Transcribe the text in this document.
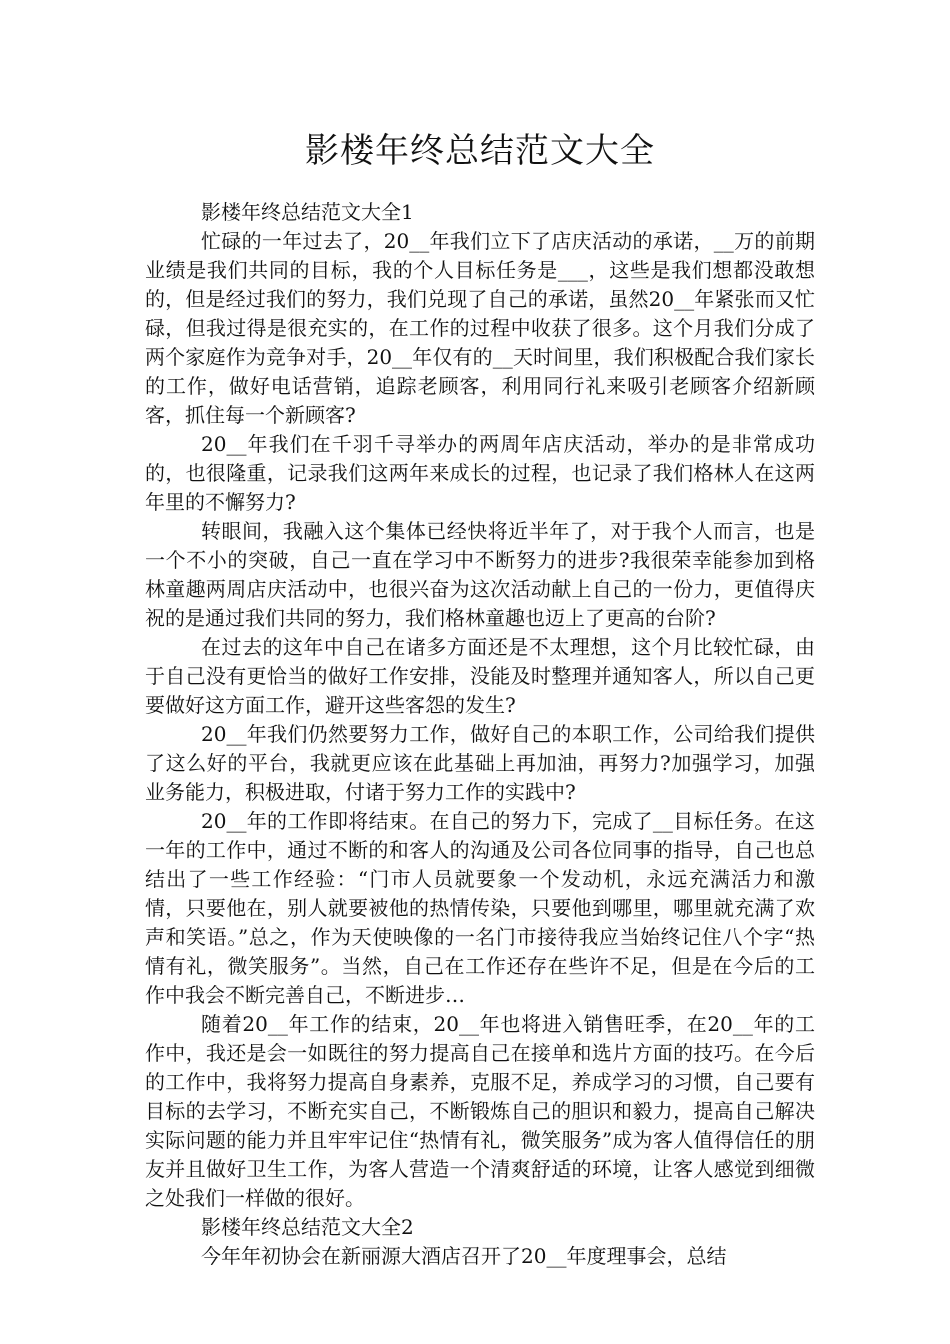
影楼年终总结范文大全

影楼年终总结范文大全1

忙碌的一年过去了，20__年我们立下了店庆活动的承诺，__万的前期业绩是我们共同的目标，我的个人目标任务是___，这些是我们想都没敢想的，但是经过我们的努力，我们兑现了自己的承诺，虽然20__年紧张而又忙碌，但我过得是很充实的，在工作的过程中收获了很多。这个月我们分成了两个家庭作为竞争对手，20__年仅有的__天时间里，我们积极配合我们家长的工作，做好电话营销，追踪老顾客，利用同行礼来吸引老顾客介绍新顾客，抓住每一个新顾客?

20__年我们在千羽千寻举办的两周年店庆活动，举办的是非常成功的，也很隆重，记录我们这两年来成长的过程，也记录了我们格林人在这两年里的不懈努力?

转眼间，我融入这个集体已经快将近半年了，对于我个人而言，也是一个不小的突破，自己一直在学习中不断努力的进步?我很荣幸能参加到格林童趣两周店庆活动中，也很兴奋为这次活动献上自己的一份力，更值得庆祝的是通过我们共同的努力，我们格林童趣也迈上了更高的台阶?

在过去的这年中自己在诸多方面还是不太理想，这个月比较忙碌，由于自己没有更恰当的做好工作安排，没能及时整理并通知客人，所以自己更要做好这方面工作，避开这些客怨的发生?

20__年我们仍然要努力工作，做好自己的本职工作，公司给我们提供了这么好的平台，我就更应该在此基础上再加油，再努力?加强学习，加强业务能力，积极进取，付诸于努力工作的实践中?

20__年的工作即将结束。在自己的努力下，完成了__目标任务。在这一年的工作中，通过不断的和客人的沟通及公司各位同事的指导，自己也总结出了一些工作经验：“门市人员就要象一个发动机，永远充满活力和激情，只要他在，别人就要被他的热情传染，只要他到哪里，哪里就充满了欢声和笑语。”总之，作为天使映像的一名门市接待我应当始终记住八个字“热情有礼，微笑服务”。当然，自己在工作还存在些许不足，但是在今后的工作中我会不断完善自己，不断进步…

随着20__年工作的结束，20__年也将进入销售旺季，在20__年的工作中，我还是会一如既往的努力提高自己在接单和选片方面的技巧。在今后的工作中，我将努力提高自身素养，克服不足，养成学习的习惯，自己要有目标的去学习，不断充实自己，不断锻炼自己的胆识和毅力，提高自己解决实际问题的能力并且牢牢记住“热情有礼，微笑服务”成为客人值得信任的朋友并且做好卫生工作，为客人营造一个清爽舒适的环境，让客人感觉到细微之处我们一样做的很好。

影楼年终总结范文大全2

今年年初协会在新丽源大酒店召开了20__年度理事会，总结
